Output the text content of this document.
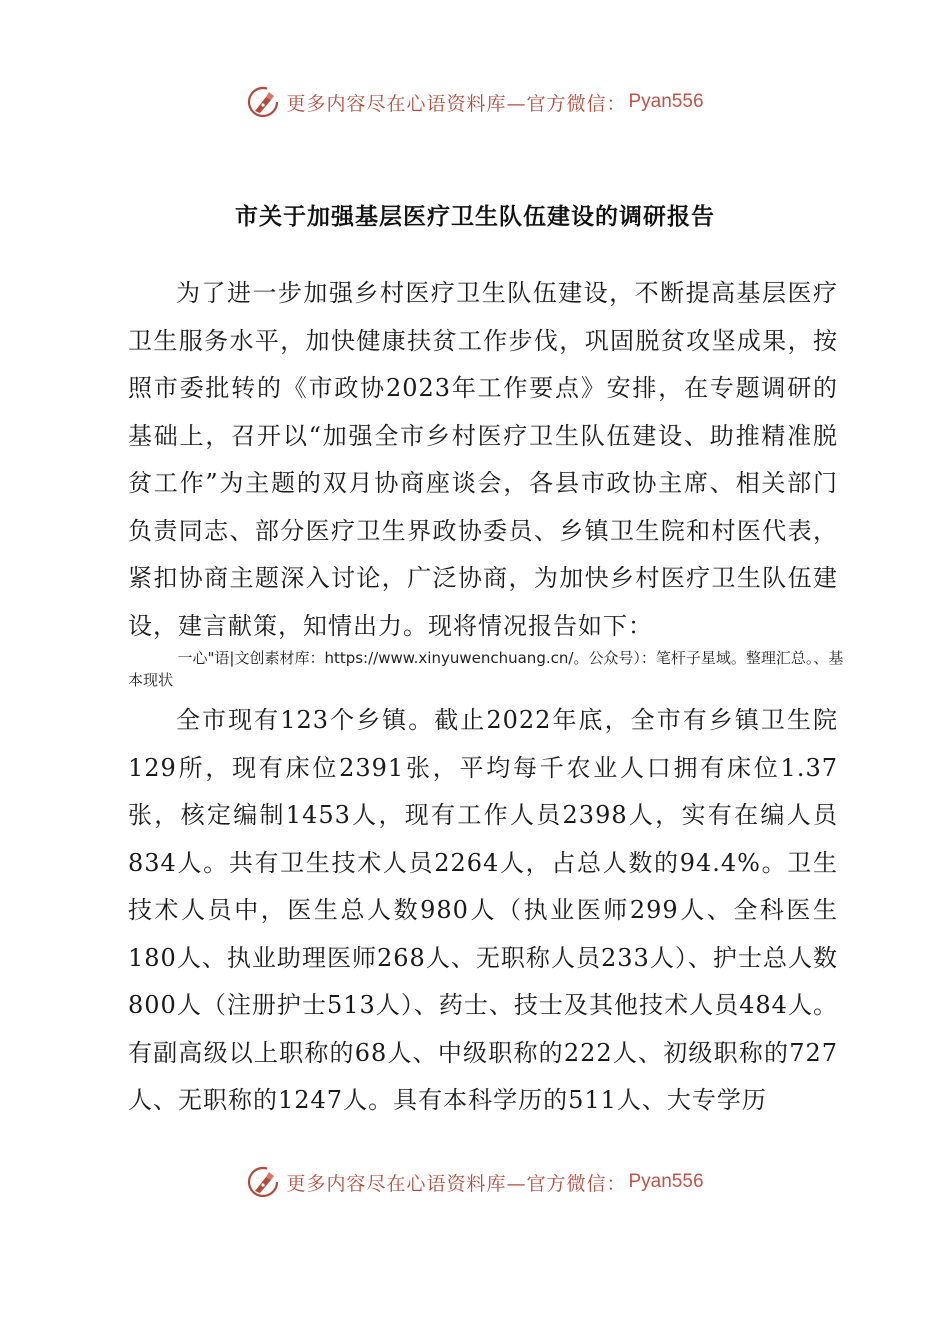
更多内容尽在心语资料库—官方微信： Pyan556
市关于加强基层医疗卫生队伍建设的调研报告
为了进一步加强乡村医疗卫生队伍建设，不断提高基层医疗卫生服务水平，加快健康扶贫工作步伐，巩固脱贫攻坚成果，按照市委批转的《市政协2023年工作要点》安排，在专题调研的基础上，召开以“加强全市乡村医疗卫生队伍建设、助推精准脱贫工作”为主题的双月协商座谈会，各县市政协主席、相关部门负责同志、部分医疗卫生界政协委员、乡镇卫生院和村医代表，紧扣协商主题深入讨论，广泛协商，为加快乡村医疗卫生队伍建设，建言献策，知情出力。现将情况报告如下：
一心"语|文创素材库：https://www.xinyuwenchuang.cn/。公众号）：笔杆子星域。整理汇总。、基本现状
全市现有123个乡镇。截止2022年底，全市有乡镇卫生院129所，现有床位2391张，平均每千农业人口拥有床位1.37张，核定编制1453人，现有工作人员2398人，实有在编人员834人。共有卫生技术人员2264人，占总人数的94.4%。卫生技术人员中，医生总人数980人（执业医师299人、全科医生180人、执业助理医师268人、无职称人员233人）、护士总人数800人（注册护士513人）、药士、技士及其他技术人员484人。有副高级以上职称的68人、中级职称的222人、初级职称的727人、无职称的1247人。具有本科学历的511人、大专学历
更多内容尽在心语资料库—官方微信： Pyan556
